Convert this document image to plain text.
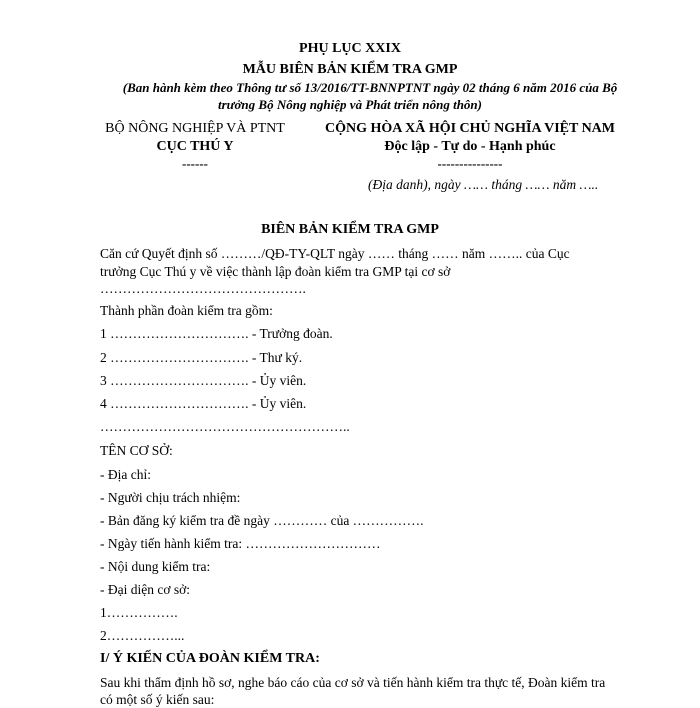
PHỤ LỤC XXIX
MẪU BIÊN BẢN KIỂM TRA GMP
(Ban hành kèm theo Thông tư số 13/2016/TT-BNNPTNT ngày 02 tháng 6 năm 2016 của Bộ
trưởng Bộ Nông nghiệp và Phát triển nông thôn)
BỘ NÔNG NGHIỆP VÀ PTNT
CỤC THÚ Y
------
CỘNG HÒA XÃ HỘI CHỦ NGHĨA VIỆT NAM
Độc lập - Tự do - Hạnh phúc
---------------
(Địa danh), ngày …… tháng …… năm …..
BIÊN BẢN KIỂM TRA GMP
Căn cứ Quyết định số ………/QĐ-TY-QLT ngày …… tháng …… năm …….. của Cục
trưởng Cục Thú y về việc thành lập đoàn kiểm tra GMP tại cơ sở
……………………………………….
Thành phần đoàn kiểm tra gồm:
1 …………………………. - Trưởng đoàn.
2 …………………………. - Thư ký.
3 …………………………. - Ủy viên.
4 …………………………. - Ủy viên.
………………………………………………..
TÊN CƠ SỞ:
- Địa chỉ:
- Người chịu trách nhiệm:
- Bản đăng ký kiểm tra đề ngày ………… của …………….
- Ngày tiến hành kiểm tra: …………………………
- Nội dung kiểm tra:
- Đại diện cơ sở:
1…………….
2……………...
I/ Ý KIẾN CỦA ĐOÀN KIỂM TRA:
Sau khi thẩm định hồ sơ, nghe báo cáo của cơ sở và tiến hành kiểm tra thực tế, Đoàn kiểm tra
có một số ý kiến sau:
